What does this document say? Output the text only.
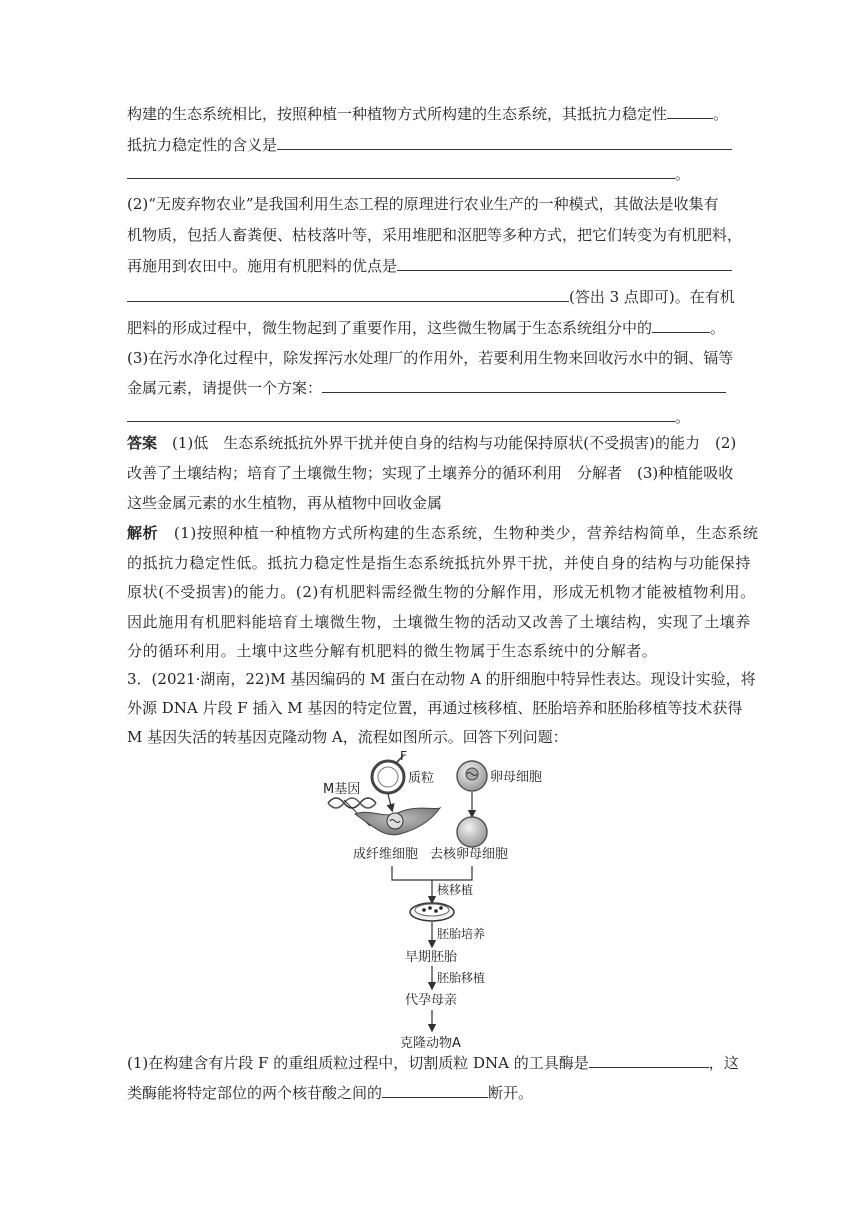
构建的生态系统相比，按照种植一种植物方式所构建的生态系统，其抵抗力稳定性	。
抵抗力稳定性的含义是
。
(2)“无废弃物农业”是我国利用生态工程的原理进行农业生产的一种模式，其做法是收集有
机物质，包括人畜粪便、枯枝落叶等，采用堆肥和沤肥等多种方式，把它们转变为有机肥料，
再施用到农田中。施用有机肥料的优点是
(答出 3 点即可)。在有机
肥料的形成过程中，微生物起到了重要作用，这些微生物属于生态系统组分中的	。
(3)在污水净化过程中，除发挥污水处理厂的作用外，若要利用生物来回收污水中的铜、镉等
金属元素，请提供一个方案：
。
答案　 (1)低　生态系统抵抗外界干扰并使自身的结构与功能保持原状(不受损害)的能力　(2)
改善了土壤结构；培育了土壤微生物；实现了土壤养分的循环利用　分解者　(3)种植能吸收
这些金属元素的水生植物，再从植物中回收金属
解析　 (1)按照种植一种植物方式所构建的生态系统，生物种类少，营养结构简单，生态系统
的抵抗力稳定性低。抵抗力稳定性是指生态系统抵抗外界干扰，并使自身的结构与功能保持
原状(不受损害)的能力。(2)有机肥料需经微生物的分解作用，形成无机物才能被植物利用。
因此施用有机肥料能培育土壤微生物，土壤微生物的活动又改善了土壤结构，实现了土壤养
分的循环利用。土壤中这些分解有机肥料的微生物属于生态系统中的分解者。
3．(2021·湖南，22)M 基因编码的 M 蛋白在动物 A 的肝细胞中特异性表达。现设计实验，将
外源 DNA 片段 F 插入 M 基因的特定位置，再通过核移植、胚胎培养和胚胎移植等技术获得
M 基因失活的转基因克隆动物 A，流程如图所示。回答下列问题：
F
质粒	卵母细胞
M基因
成纤维细胞 去核卵母细胞
核移植
胚胎培养
早期胚胎
胚胎移植
代孕母亲
克隆动物A
(1)在构建含有片段 F 的重组质粒过程中，切割质粒 DNA 的工具酶是	，这
类酶能将特定部位的两个核苷酸之间的	断开。
